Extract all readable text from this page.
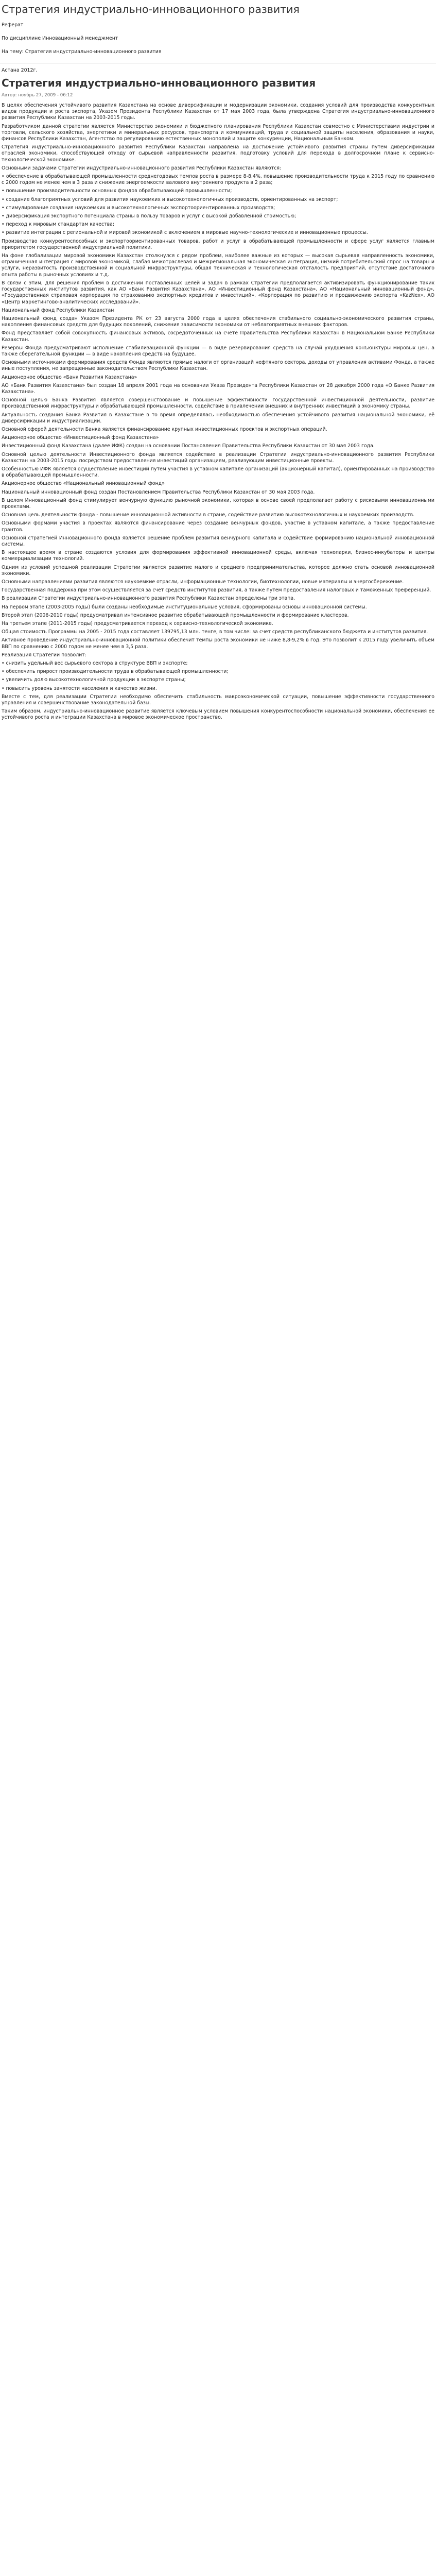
Стратегия индустриально-инновационного развития

Реферат

По дисциплине Инновационный менеджмент

На тему: Стратегия индустриально-инновационного развития

Астана 2012г.

Стратегия индустриально-инновационного развития

Автор: ноябрь 27, 2009 - 06:12

В целях обеспечения устойчивого развития Казахстана на основе диверсификации и модернизации экономики, создания условий для производства конкурентных видов продукции и роста экспорта, Указом Президента Республики Казахстан от 17 мая 2003 года, была утверждена Стратегия индустриально-инновационного развития Республики Казахстан на 2003-2015 годы.

Разработчиком данной стратегии является Министерство экономики и бюджетного планирования Республики Казахстан совместно с Министерствами индустрии и торговли, сельского хозяйства, энергетики и минеральных ресурсов, транспорта и коммуникаций, труда и социальной защиты населения, образования и науки, финансов Республики Казахстан, Агентство по регулированию естественных монополий и защите конкуренции, Национальным Банком.

Стратегия индустриально-инновационного развития Республики Казахстан направлена на достижение устойчивого развития страны путем диверсификации отраслей экономики, способствующей отходу от сырьевой направленности развития, подготовку условий для перехода в долгосрочном плане к сервисно-технологической экономике.

Основными задачами Стратегии индустриально-инновационного развития Республики Казахстан являются:

• обеспечение в обрабатывающей промышленности среднегодовых темпов роста в размере 8-8,4%, повышение производительности труда к 2015 году по сравнению с 2000 годом не менее чем в 3 раза и снижение энергоемкости валового внутреннего продукта в 2 раза;

• повышение производительности основных фондов обрабатывающей промышленности;

• создание благоприятных условий для развития наукоемких и высокотехнологичных производств, ориентированных на экспорт;

• стимулирование создания наукоемких и высокотехнологичных экспортоориентированных производств;

• диверсификация экспортного потенциала страны в пользу товаров и услуг с высокой добавленной стоимостью;

• переход к мировым стандартам качества;

• развитие интеграции с региональной и мировой экономикой с включением в мировые научно-технологические и инновационные процессы.

Производство конкурентоспособных и экспортоориентированных товаров, работ и услуг в обрабатывающей промышленности и сфере услуг является главным приоритетом государственной индустриальной политики.

На фоне глобализации мировой экономики Казахстан столкнулся с рядом проблем, наиболее важные из которых — высокая сырьевая направленность экономики, ограниченная интеграция с мировой экономикой, слабая межотраслевая и межрегиональная экономическая интеграция, низкий потребительский спрос на товары и услуги, неразвитость производственной и социальной инфраструктуры, общая техническая и технологическая отсталость предприятий, отсутствие достаточного опыта работы в рыночных условиях и т.д.

В связи с этим, для решения проблем в достижении поставленных целей и задач в рамках Стратегии предполагается активизировать функционирование таких государственных институтов развития, как АО «Банк Развития Казахстана», АО «Инвестиционный фонд Казахстана», АО «Национальный инновационный фонд», «Государственная страховая корпорация по страхованию экспортных кредитов и инвестиций», «Корпорация по развитию и продвижению экспорта «KazNex», АО «Центр маркетингово-аналитических исследований».

Национальный фонд Республики Казахстан

Национальный фонд создан Указом Президента РК от 23 августа 2000 года в целях обеспечения стабильного социально-экономического развития страны, накопления финансовых средств для будущих поколений, снижения зависимости экономики от неблагоприятных внешних факторов.

Фонд представляет собой совокупность финансовых активов, сосредоточенных на счете Правительства Республики Казахстан в Национальном Банке Республики Казахстан.

Резервы Фонда предусматривают исполнение стабилизационной функции — в виде резервирования средств на случай ухудшения конъюнктуры мировых цен, а также сберегательной функции — в виде накопления средств на будущее.

Основными источниками формирования средств Фонда являются прямые налоги от организаций нефтяного сектора, доходы от управления активами Фонда, а также иные поступления, не запрещенные законодательством Республики Казахстан.

Акционерное общество «Банк Развития Казахстана»

АО «Банк Развития Казахстана» был создан 18 апреля 2001 года на основании Указа Президента Республики Казахстан от 28 декабря 2000 года «О Банке Развития Казахстана».

Основной целью Банка Развития является совершенствование и повышение эффективности государственной инвестиционной деятельности, развитие производственной инфраструктуры и обрабатывающей промышленности, содействие в привлечении внешних и внутренних инвестиций в экономику страны.

Актуальность создания Банка Развития в Казахстане в то время определялась необходимостью обеспечения устойчивого развития национальной экономики, её диверсификации и индустриализации.

Основной сферой деятельности Банка является финансирование крупных инвестиционных проектов и экспортных операций.

Акционерное общество «Инвестиционный фонд Казахстана»

Инвестиционный фонд Казахстана (далее ИФК) создан на основании Постановления Правительства Республики Казахстан от 30 мая 2003 года.

Основной целью деятельности Инвестиционного фонда является содействие в реализации Стратегии индустриально-инновационного развития Республики Казахстан на 2003-2015 годы посредством предоставления инвестиций организациям, реализующим инвестиционные проекты.

Особенностью ИФК является осуществление инвестиций путем участия в уставном капитале организаций (акционерный капитал), ориентированных на производство в обрабатывающей промышленности.

Акционерное общество «Национальный инновационный фонд»

Национальный инновационный фонд создан Постановлением Правительства Республики Казахстан от 30 мая 2003 года.

В целом Инновационный фонд стимулирует венчурную функцию рыночной экономики, которая в основе своей предполагает работу с рисковыми инновационными проектами.

Основная цель деятельности фонда - повышение инновационной активности в стране, содействие развитию высокотехнологичных и наукоемких производств.

Основными формами участия в проектах являются финансирование через создание венчурных фондов, участие в уставном капитале, а также предоставление грантов.

Основной стратегией Инновационного фонда является решение проблем развития венчурного капитала и содействие формированию национальной инновационной системы.

В настоящее время в стране создаются условия для формирования эффективной инновационной среды, включая технопарки, бизнес-инкубаторы и центры коммерциализации технологий.

Одним из условий успешной реализации Стратегии является развитие малого и среднего предпринимательства, которое должно стать основой инновационной экономики.

Основными направлениями развития являются наукоемкие отрасли, информационные технологии, биотехнологии, новые материалы и энергосбережение.

Государственная поддержка при этом осуществляется за счет средств институтов развития, а также путем предоставления налоговых и таможенных преференций.

В реализации Стратегии индустриально-инновационного развития Республики Казахстан определены три этапа.

На первом этапе (2003-2005 годы) были созданы необходимые институциональные условия, сформированы основы инновационной системы.

Второй этап (2006-2010 годы) предусматривал интенсивное развитие обрабатывающей промышленности и формирование кластеров.

На третьем этапе (2011-2015 годы) предусматривается переход к сервисно-технологической экономике.

Общая стоимость Программы на 2005 - 2015 года составляет 139795,13 млн. тенге, в том числе: за счет средств республиканского бюджета и институтов развития.

Активное проведение индустриально-инновационной политики обеспечит темпы роста экономики не ниже 8,8-9,2% в год. Это позволит к 2015 году увеличить объем ВВП по сравнению с 2000 годом не менее чем в 3,5 раза.

Реализация Стратегии позволит:

• снизить удельный вес сырьевого сектора в структуре ВВП и экспорте;

• обеспечить прирост производительности труда в обрабатывающей промышленности;

• увеличить долю высокотехнологичной продукции в экспорте страны;

• повысить уровень занятости населения и качество жизни.

Вместе с тем, для реализации Стратегии необходимо обеспечить стабильность макроэкономической ситуации, повышение эффективности государственного управления и совершенствование законодательной базы.

Таким образом, индустриально-инновационное развитие является ключевым условием повышения конкурентоспособности национальной экономики, обеспечения ее устойчивого роста и интеграции Казахстана в мировое экономическое пространство.
